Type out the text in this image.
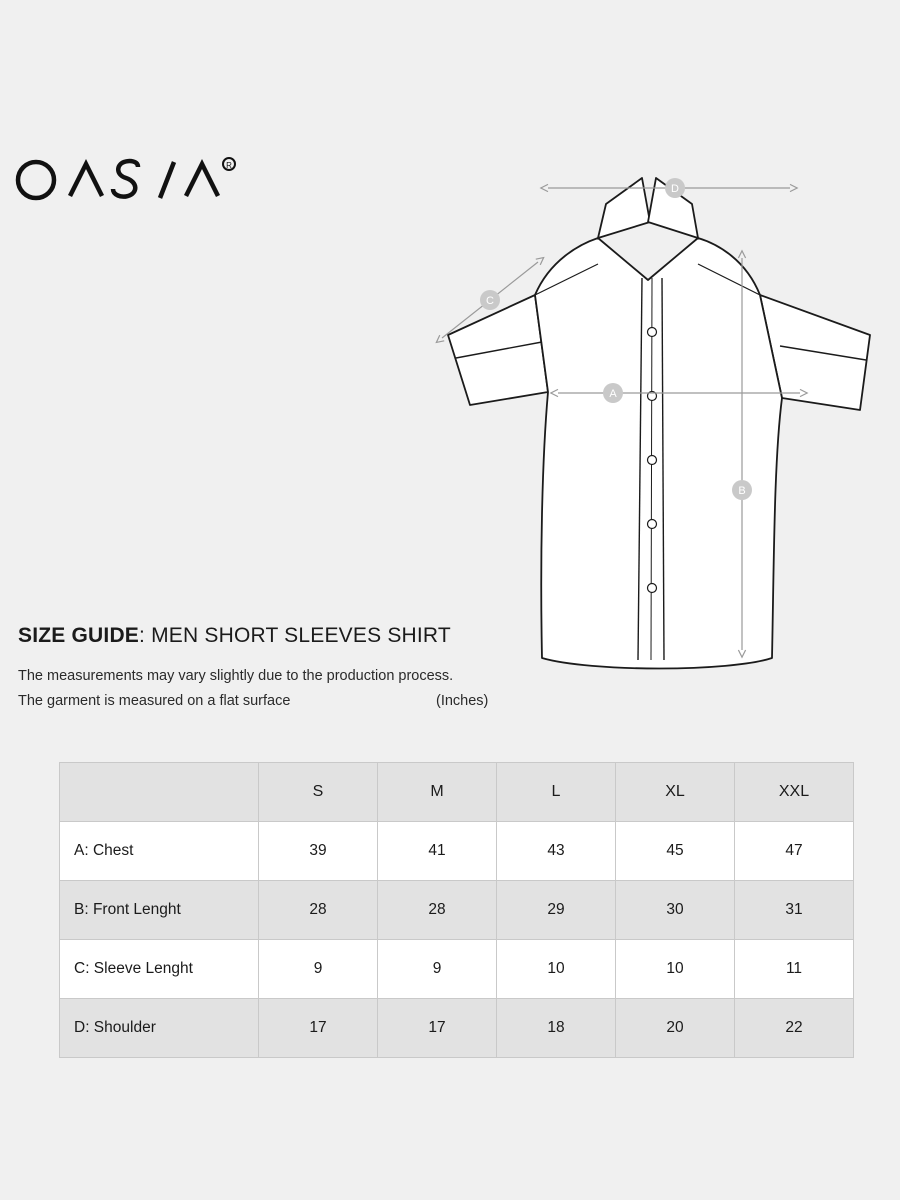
R
D
C
A
B
SIZE GUIDE: MEN SHORT SLEEVES SHIRT
The measurements may vary slightly due to the production process.
The garment is measured on a flat surface	(Inches)
	S	M	L	XL	XXL
A: Chest	39	41	43	45	47
B: Front Lenght	28	28	29	30	31
C: Sleeve Lenght	9	9	10	10	11
D: Shoulder	17	17	18	20	22
